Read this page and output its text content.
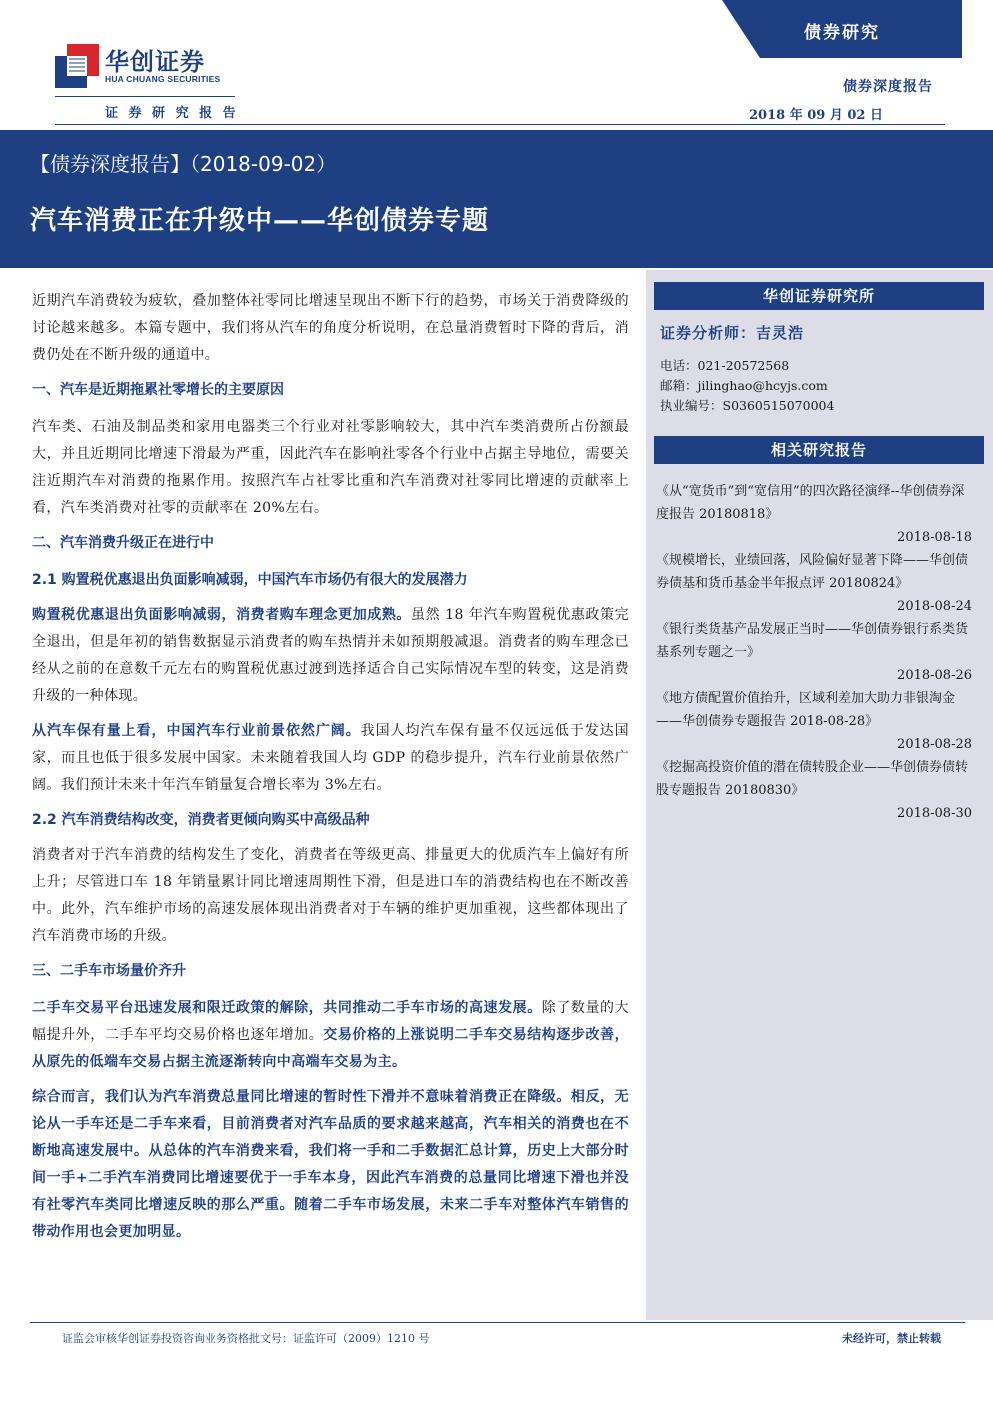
华创证券
HUA CHUANG SECURITIES
证 券 研 究 报 告
债券研究
债券深度报告
2018 年 09 月 02 日
【债券深度报告】（2018-09-02）
汽车消费正在升级中——华创债券专题
华创证券研究所
证券分析师：吉灵浩
电话：021-20572568
邮箱：jilinghao@hcyjs.com
执业编号：S0360515070004
相关研究报告
《从“宽货币”到“宽信用”的四次路径演绎--华创债券深度报告 20180818》
2018-08-18
《规模增长，业绩回落，风险偏好显著下降——华创债券债基和货币基金半年报点评 20180824》
2018-08-24
《银行类货基产品发展正当时——华创债券银行系类货基系列专题之一》
2018-08-26
《地方债配置价值抬升，区域利差加大助力非银淘金——华创债券专题报告 2018-08-28》
2018-08-28
《挖掘高投资价值的潜在债转股企业——华创债券债转股专题报告 20180830》
2018-08-30

近期汽车消费较为疲软，叠加整体社零同比增速呈现出不断下行的趋势，市场关于消费降级的讨论越来越多。本篇专题中，我们将从汽车的角度分析说明，在总量消费暂时下降的背后，消费仍处在不断升级的通道中。

一、汽车是近期拖累社零增长的主要原因

汽车类、石油及制品类和家用电器类三个行业对社零影响较大，其中汽车类消费所占份额最大，并且近期同比增速下滑最为严重，因此汽车在影响社零各个行业中占据主导地位，需要关注近期汽车对消费的拖累作用。按照汽车占社零比重和汽车消费对社零同比增速的贡献率上看，汽车类消费对社零的贡献率在 20%左右。

二、汽车消费升级正在进行中
2.1 购置税优惠退出负面影响减弱，中国汽车市场仍有很大的发展潜力

购置税优惠退出负面影响减弱，消费者购车理念更加成熟。虽然 18 年汽车购置税优惠政策完全退出，但是年初的销售数据显示消费者的购车热情并未如预期般减退。消费者的购车理念已经从之前的在意数千元左右的购置税优惠过渡到选择适合自己实际情况车型的转变，这是消费升级的一种体现。

从汽车保有量上看，中国汽车行业前景依然广阔。我国人均汽车保有量不仅远远低于发达国家，而且也低于很多发展中国家。未来随着我国人均 GDP 的稳步提升，汽车行业前景依然广阔。我们预计未来十年汽车销量复合增长率为 3%左右。

2.2 汽车消费结构改变，消费者更倾向购买中高级品种

消费者对于汽车消费的结构发生了变化，消费者在等级更高、排量更大的优质汽车上偏好有所上升；尽管进口车 18 年销量累计同比增速周期性下滑，但是进口车的消费结构也在不断改善中。此外，汽车维护市场的高速发展体现出消费者对于车辆的维护更加重视，这些都体现出了汽车消费市场的升级。

三、二手车市场量价齐升

二手车交易平台迅速发展和限迁政策的解除，共同推动二手车市场的高速发展。除了数量的大幅提升外，二手车平均交易价格也逐年增加。交易价格的上涨说明二手车交易结构逐步改善，从原先的低端车交易占据主流逐渐转向中高端车交易为主。

综合而言，我们认为汽车消费总量同比增速的暂时性下滑并不意味着消费正在降级。相反，无论从一手车还是二手车来看，目前消费者对汽车品质的要求越来越高，汽车相关的消费也在不断地高速发展中。从总体的汽车消费来看，我们将一手和二手数据汇总计算，历史上大部分时间一手+二手汽车消费同比增速要优于一手车本身，因此汽车消费的总量同比增速下滑也并没有社零汽车类同比增速反映的那么严重。随着二手车市场发展，未来二手车对整体汽车销售的带动作用也会更加明显。

证监会审核华创证券投资咨询业务资格批文号：证监许可（2009）1210 号	未经许可，禁止转载
